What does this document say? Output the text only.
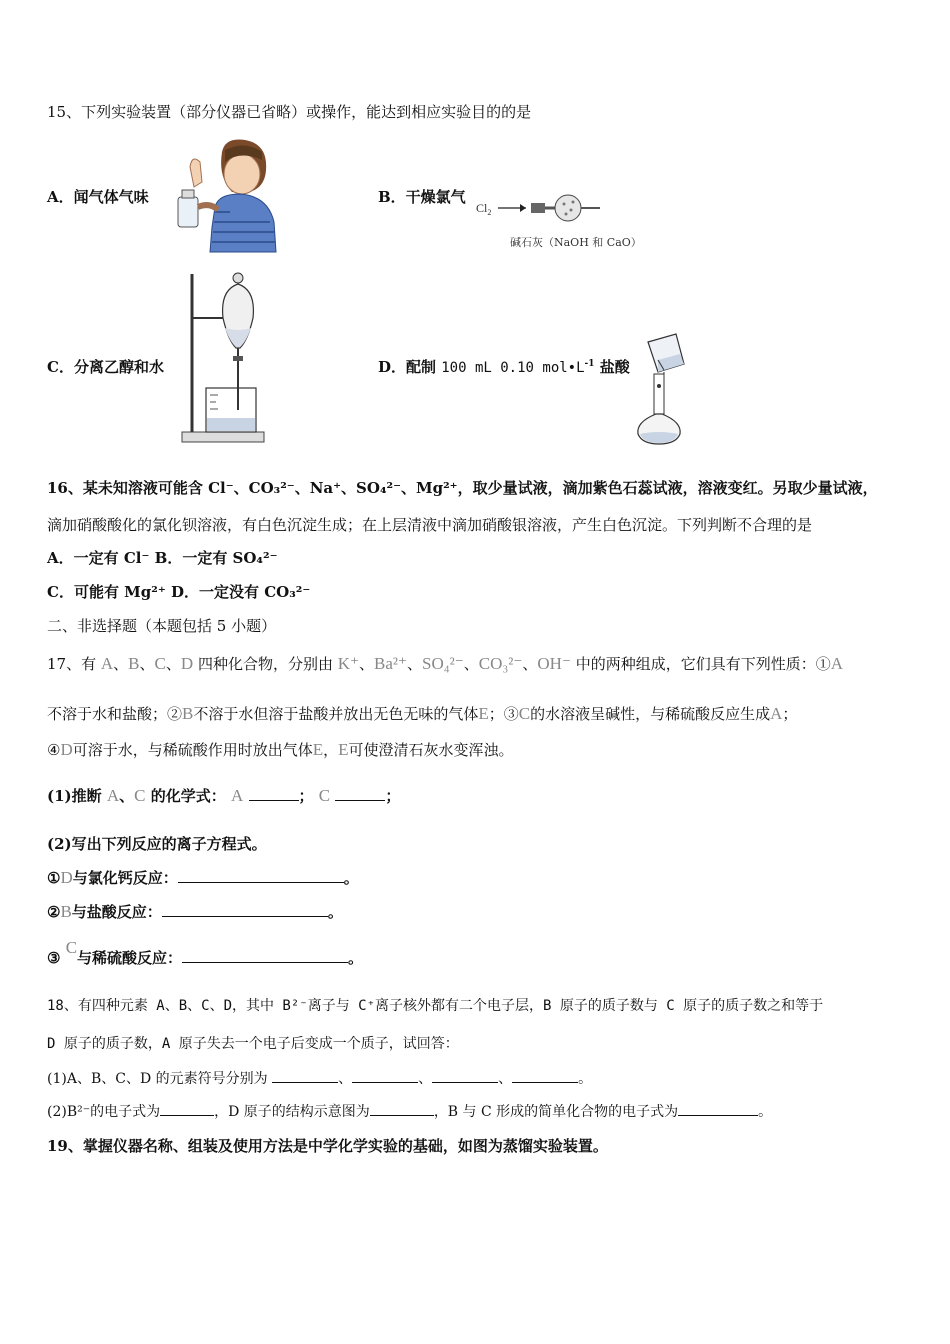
15、下列实验装置（部分仪器已省略）或操作，能达到相应实验目的的是
A．闻气体气味	B．干燥氯气
$Cl_2$
碱石灰（NaOH 和 CaO）
C．分离乙醇和水	D．配制 100 mL 0.10 $mol•L^{-1}$ 盐酸
16、某未知溶液可能含 Cl⁻、CO₃²⁻、Na⁺、SO₄²⁻、Mg²⁺，取少量试液，滴加紫色石蕊试液，溶液变红。另取少量试液，
滴加硝酸酸化的氯化钡溶液，有白色沉淀生成；在上层清液中滴加硝酸银溶液，产生白色沉淀。下列判断不合理的是
A．一定有 Cl⁻ B．一定有 SO₄²⁻
C．可能有 Mg²⁺ D．一定没有 CO₃²⁻
二、非选择题（本题包括 5 小题）
17、有 A、B、C、D 四种化合物，分别由 K⁺、Ba²⁺、SO₄²⁻、CO₃²⁻、OH⁻ 中的两种组成，它们具有下列性质：①A
不溶于水和盐酸；②B不溶于水但溶于盐酸并放出无色无味的气体E；③C的水溶液呈碱性，与稀硫酸反应生成A；
④D可溶于水，与稀硫酸作用时放出气体E，E可使澄清石灰水变浑浊。
(1)推断 A、C 的化学式： A	； C	；
(2)写出下列反应的离子方程式。
①D与氯化钙反应：	。
②B与盐酸反应：	。
③ C与稀硫酸反应：	。
18、有四种元素 A、B、C、D，其中 B²⁻离子与 C⁺离子核外都有二个电子层，B 原子的质子数与 C 原子的质子数之和等于
D 原子的质子数，A 原子失去一个电子后变成一个质子，试回答：
(1)A、B、C、D 的元素符号分别为	、	、	、	。
(2)B²⁻的电子式为	，D 原子的结构示意图为	，B 与 C 形成的简单化合物的电子式为	。
19、掌握仪器名称、组装及使用方法是中学化学实验的基础，如图为蒸馏实验装置。
